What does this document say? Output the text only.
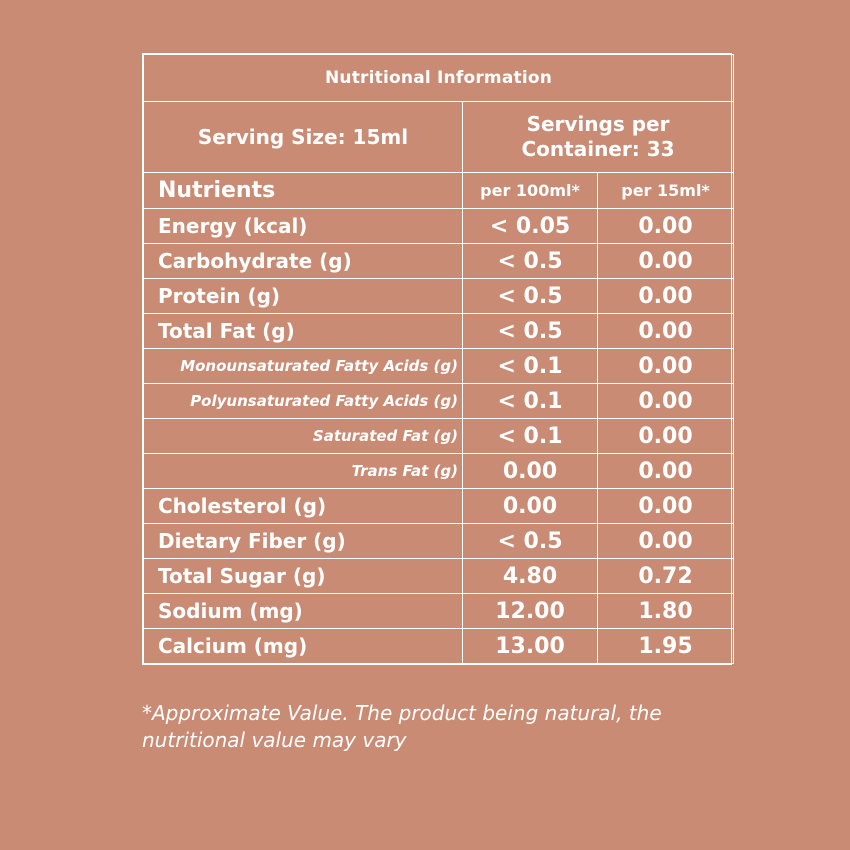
Nutritional Information		
Serving Size: 15ml	Servings per Container: 33	
Nutrients	per 100ml*	per 15ml*
Energy (kcal)	< 0.05	0.00
Carbohydrate (g)	< 0.5	0.00
Protein (g)	< 0.5	0.00
Total Fat (g)	< 0.5	0.00
Monounsaturated Fatty Acids (g)	< 0.1	0.00
Polyunsaturated Fatty Acids (g)	< 0.1	0.00
Saturated Fat (g)	< 0.1	0.00
Trans Fat (g)	0.00	0.00
Cholesterol (g)	0.00	0.00
Dietary Fiber (g)	< 0.5	0.00
Total Sugar (g)	4.80	0.72
Sodium (mg)	12.00	1.80
Calcium (mg)	13.00	1.95
*Approximate Value. The product being natural, the nutritional value may vary
